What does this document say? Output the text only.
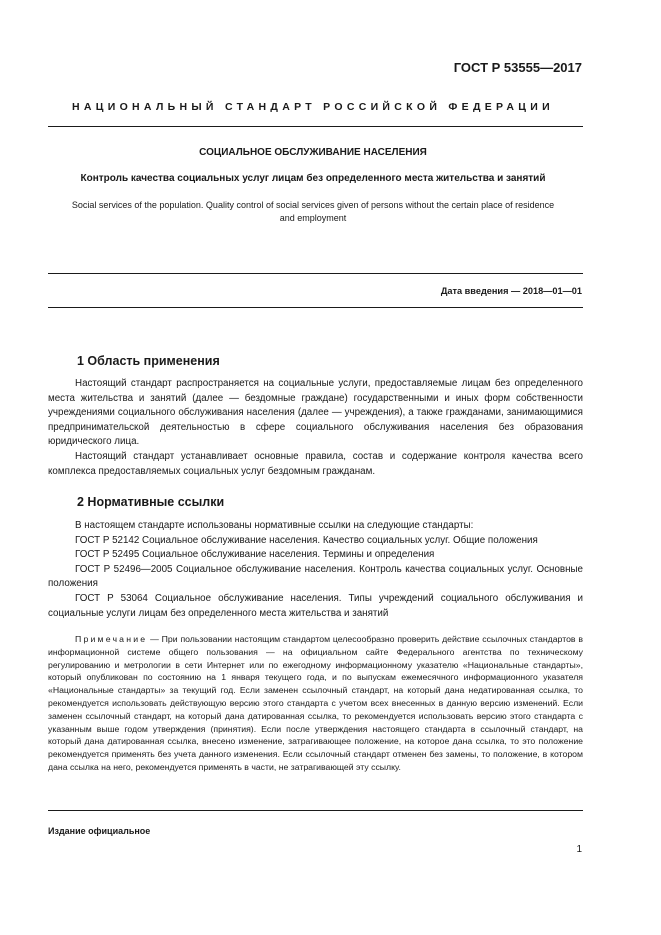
ГОСТ Р 53555—2017
НАЦИОНАЛЬНЫЙ СТАНДАРТ РОССИЙСКОЙ ФЕДЕРАЦИИ
СОЦИАЛЬНОЕ ОБСЛУЖИВАНИЕ НАСЕЛЕНИЯ
Контроль качества социальных услуг лицам без определенного места жительства и занятий
Social services of the population. Quality control of social services given of persons without the certain place of residence
and employment
Дата введения — 2018—01—01
1 Область применения

Настоящий стандарт распространяется на социальные услуги, предоставляемые лицам без определенного места жительства и занятий (далее — бездомные граждане) государственными и иных форм собственности учреждениями социального обслуживания населения (далее — учреждения), а также гражданами, занимающимися предпринимательской деятельностью в сфере социального обслуживания населения без образования юридического лица.

Настоящий стандарт устанавливает основные правила, состав и содержание контроля качества всего комплекса предоставляемых социальных услуг бездомным гражданам.

2 Нормативные ссылки

В настоящем стандарте использованы нормативные ссылки на следующие стандарты:

ГОСТ Р 52142 Социальное обслуживание населения. Качество социальных услуг. Общие положения

ГОСТ Р 52495 Социальное обслуживание населения. Термины и определения

ГОСТ Р 52496—2005 Социальное обслуживание населения. Контроль качества социальных услуг. Основные положения

ГОСТ Р 53064 Социальное обслуживание населения. Типы учреждений социального обслуживания и социальные услуги лицам без определенного места жительства и занятий

Примечание — При пользовании настоящим стандартом целесообразно проверить действие ссылочных стандартов в информационной системе общего пользования — на официальном сайте Федерального агентства по техническому регулированию и метрологии в сети Интернет или по ежегодному информационному указателю «Национальные стандарты», который опубликован по состоянию на 1 января текущего года, и по выпускам ежемесячного информационного указателя «Национальные стандарты» за текущий год. Если заменен ссылочный стандарт, на который дана недатированная ссылка, то рекомендуется использовать действующую версию этого стандарта с учетом всех внесенных в данную версию изменений. Если заменен ссылочный стандарт, на который дана датированная ссылка, то рекомендуется использовать версию этого стандарта с указанным выше годом утверждения (принятия). Если после утверждения настоящего стандарта в ссылочный стандарт, на который дана датированная ссылка, внесено изменение, затрагивающее положение, на которое дана ссылка, то это положение рекомендуется применять без учета данного изменения. Если ссылочный стандарт отменен без замены, то положение, в котором дана ссылка на него, рекомендуется применять в части, не затрагивающей эту ссылку.

Издание официальное
1
